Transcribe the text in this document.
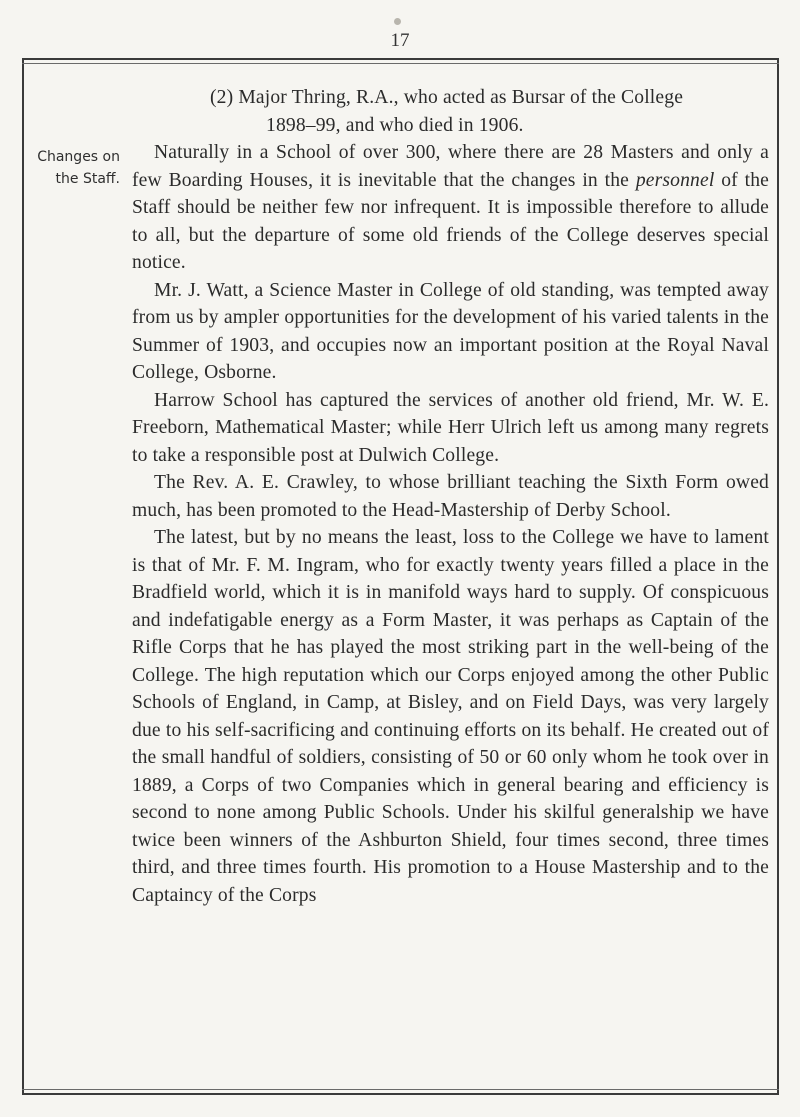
17
Changes on
the Staff.

(2) Major Thring, R.A., who acted as Bursar of the College
1898–99, and who died in 1906.

Naturally in a School of over 300, where there are 28 Masters and only a few Boarding Houses, it is inevitable that the changes in the personnel of the Staff should be neither few nor infrequent. It is impossible therefore to allude to all, but the departure of some old friends of the College deserves special notice.

Mr. J. Watt, a Science Master in College of old standing, was tempted away from us by ampler opportunities for the development of his varied talents in the Summer of 1903, and occupies now an important position at the Royal Naval College, Osborne.

Harrow School has captured the services of another old friend, Mr. W. E. Freeborn, Mathematical Master; while Herr Ulrich left us among many regrets to take a responsible post at Dulwich College.

The Rev. A. E. Crawley, to whose brilliant teaching the Sixth Form owed much, has been promoted to the Head-Mastership of Derby School.

The latest, but by no means the least, loss to the College we have to lament is that of Mr. F. M. Ingram, who for exactly twenty years filled a place in the Bradfield world, which it is in manifold ways hard to supply. Of conspicuous and indefatigable energy as a Form Master, it was perhaps as Captain of the Rifle Corps that he has played the most striking part in the well-being of the College. The high reputation which our Corps enjoyed among the other Public Schools of England, in Camp, at Bisley, and on Field Days, was very largely due to his self-sacrificing and continuing efforts on its behalf. He created out of the small handful of soldiers, consisting of 50 or 60 only whom he took over in 1889, a Corps of two Companies which in general bearing and efficiency is second to none among Public Schools. Under his skilful generalship we have twice been winners of the Ashburton Shield, four times second, three times third, and three times fourth. His promotion to a House Mastership and to the Captaincy of the Corps
